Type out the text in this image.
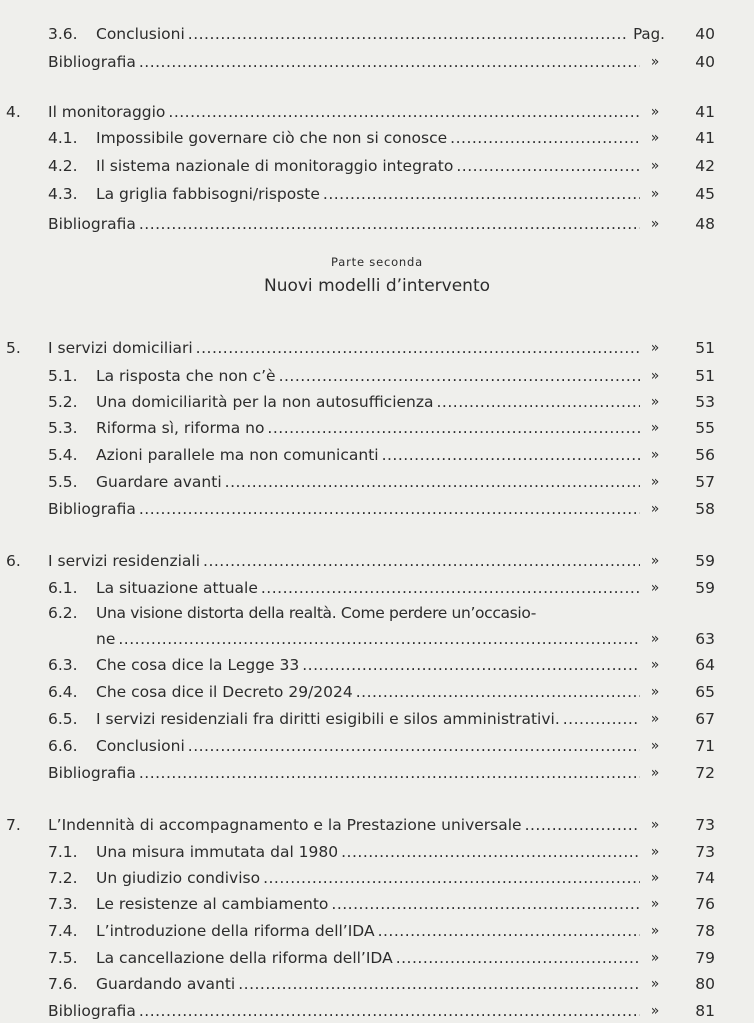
Parte seconda
Nuovi modelli d’intervento
3.6. Conclusioni .....	Pag.	40
Bibliografia .....	»	40
4. Il monitoraggio .....	»	41
4.1. Impossibile governare ciò che non si conosce .....	»	41
4.2. Il sistema nazionale di monitoraggio integrato .....	»	42
4.3. La griglia fabbisogni/risposte .....	»	45
Bibliografia .....	»	48
5. I servizi domiciliari .....	»	51
5.1. La risposta che non c’è .....	»	51
5.2. Una domiciliarità per la non autosufficienza .....	»	53
5.3. Riforma sì, riforma no .....	»	55
5.4. Azioni parallele ma non comunicanti .....	»	56
5.5. Guardare avanti .....	»	57
Bibliografia .....	»	58
6. I servizi residenziali .....	»	59
6.1. La situazione attuale .....	»	59
6.2. Una visione distorta della realtà. Come perdere un’occasio-
ne .....	»	63
6.3. Che cosa dice la Legge 33 .....	»	64
6.4. Che cosa dice il Decreto 29/2024 .....	»	65
6.5. I servizi residenziali fra diritti esigibili e silos amministrativi. .....	»	67
6.6. Conclusioni .....	»	71
Bibliografia .....	»	72
7. L’Indennità di accompagnamento e la Prestazione universale .....	»	73
7.1. Una misura immutata dal 1980 .....	»	73
7.2. Un giudizio condiviso .....	»	74
7.3. Le resistenze al cambiamento .....	»	76
7.4. L’introduzione della riforma dell’IDA .....	»	78
7.5. La cancellazione della riforma dell’IDA .....	»	79
7.6. Guardando avanti .....	»	80
Bibliografia .....	»	81
